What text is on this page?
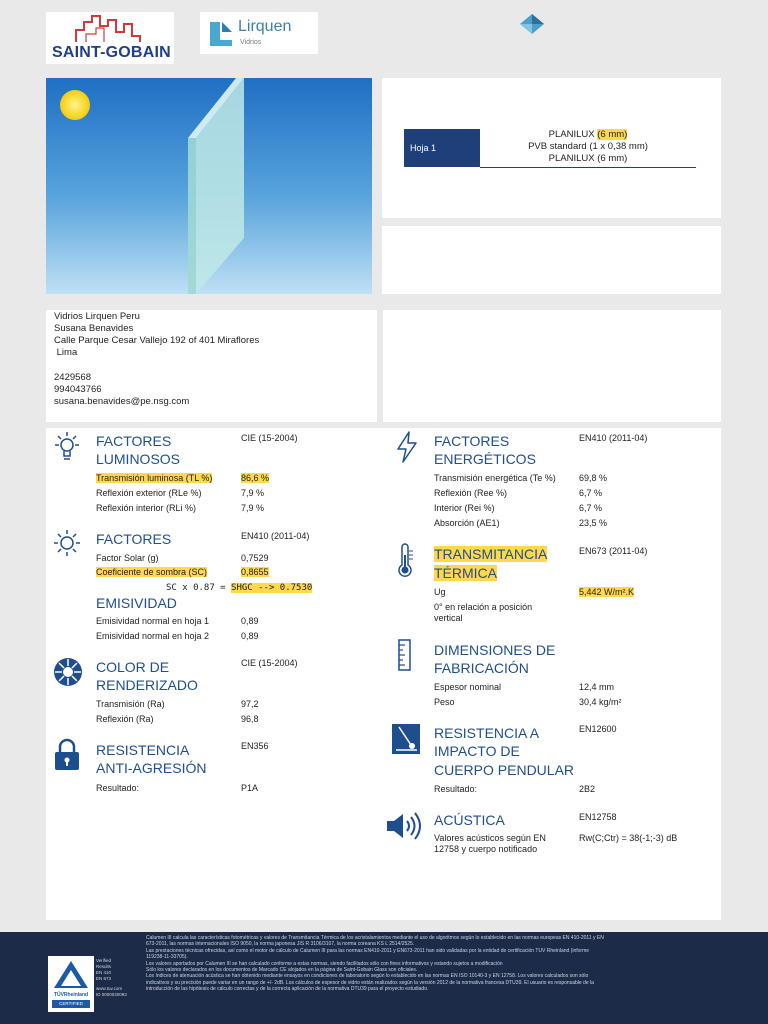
SAINT-GOBAIN
Lirquen
Vidrios
Hoja 1
PLANILUX (6 mm)
PVB standard (1 x 0,38 mm)
PLANILUX (6 mm)
Vidrios Lirquen Peru
Susana Benavides
Calle Parque Cesar Vallejo 192 of 401 Miraflores
Lima
2429568
994043766
susana.benavides@pe.nsg.com
FACTORES
LUMINOSOS
CIE (15-2004)
Transmisión luminosa (TL %)	86,6 %
Reflexión exterior (RLe %)	7,9 %
Reflexión interior (RLi %)	7,9 %
FACTORES	EN410 (2011-04)
Factor Solar (g)	0,7529
Coeficiente de sombra (SC)	0,8655
SC x 0.87 = SHGC --> 0.7530
EMISIVIDAD
Emisividad normal en hoja 1	0,89
Emisividad normal en hoja 2	0,89
COLOR DE
RENDERIZADO
CIE (15-2004)
Transmisión (Ra)	97,2
Reflexión (Ra)	96,8
RESISTENCIA
ANTI-AGRESIÓN
EN356
Resultado:	P1A
FACTORES
ENERGÉTICOS
EN410 (2011-04)
Transmisión energética (Te %)	69,8 %
Reflexión (Ree %)	6,7 %
Interior (Rei %)	6,7 %
Absorción (AE1)	23,5 %
TRANSMITANCIA
TÉRMICA
EN673 (2011-04)
Ug	5,442 W/m².K
0° en relación a posición
vertical
DIMENSIONES DE
FABRICACIÓN
Espesor nominal	12,4 mm
Peso	30,4 kg/m²
RESISTENCIA A
IMPACTO DE
CUERPO PENDULAR
EN12600
Resultado:	2B2
ACÚSTICA	EN12758
Valores acústicos según EN
12758 y cuerpo notificado
Rw(C;Ctr) = 38(-1;-3) dB
Calumen III calcula las características fotométricas y valores de Transmitancia Térmica de los acristalamientos mediante el uso de algoritmos según lo establecido en las normas europeas EN 410-2011 y EN
673-2011, las normas internacionales ISO 9050, la norma japonesa JIS R 3106/3107, la norma coreana KS L 2514/2525.
Las prestaciones técnicas ofrecidas, así como el motor de cálculo de Calumen III para las normas EN410-2011 y EN673-2011 han sido validadas por la entidad de certificación TUV Rheinland (informe
119238-11-33705).
Los valores aportados por Calumen III se han calculado conforme a estas normas, siendo facilitados sólo con fines informativos y estando sujetos a modificación
Sólo los valores declarados en los documentos de Marcado CE alojados en la página de Saint-Gobain Glass son oficiales.
Los índices de atenuación acústica se han obtenido mediante ensayos en condiciones de laboratorio según lo establecido en las normas EN ISO 10140-3 y EN 12758. Los valores calculados son sólo
indicativos y su precisión puede variar en un rango de +/- 2dB. Los cálculos de espesor de vidrio están realizados según la versión 2012 de la normativa francesa DTU39. El usuario es responsable de la
introducción de las hipótesis de cálculo correctas y de la correcta aplicación de la normativa DTU39 para el proyecto estudiado.
TÜVRheinland
CERTIFIED
Verified
Results
EN 410
EN 673
www.tuv.com
ID 0000030093
